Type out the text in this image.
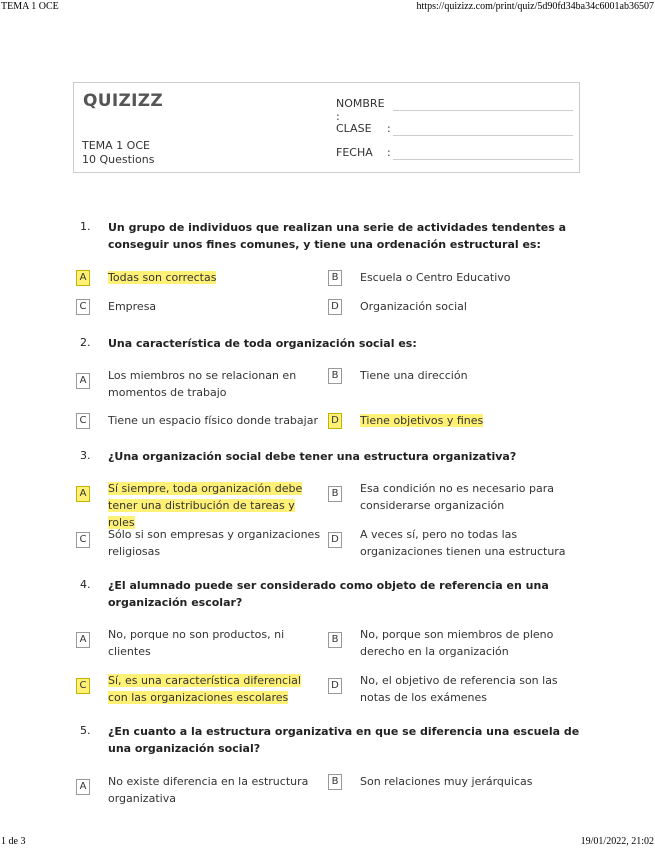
TEMA 1 OCE	https://quizizz.com/print/quiz/5d90fd34ba34c6001ab36507
QUIZIZZ
TEMA 1 OCE
10 Questions
NOMBRE :
CLASE :
FECHA :
1. Un grupo de individuos que realizan una serie de actividades tendentes a conseguir unos fines comunes, y tiene una ordenación estructural es:
A	Todas son correctas	B	Escuela o Centro Educativo
C	Empresa	D Organización social
2. Una característica de toda organización social es:
A	Los miembros no se relacionan en momentos de trabajo
B	Tiene una dirección
C	Tiene un espacio físico donde trabajar	D Tiene objetivos y fines
3. ¿Una organización social debe tener una estructura organizativa?
A	Sí siempre, toda organización debe tener una distribución de tareas y roles
B	Esa condición no es necesario para considerarse organización
C	Sólo si son empresas y organizaciones religiosas
D A veces sí, pero no todas las organizaciones tienen una estructura
4. ¿El alumnado puede ser considerado como objeto de referencia en una organización escolar?
A	No, porque no son productos, ni clientes
B	No, porque son miembros de pleno derecho en la organización
C	Sí, es una característica diferencial con las organizaciones escolares
D No, el objetivo de referencia son las notas de los exámenes
5. ¿En cuanto a la estructura organizativa en que se diferencia una escuela de una organización social?
A	No existe diferencia en la estructura organizativa
B	Son relaciones muy jerárquicas
1 de 3	19/01/2022, 21:02
